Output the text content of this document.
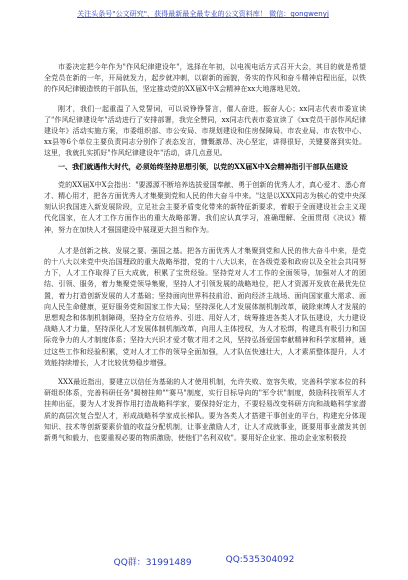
关注头条号"公文研究"，获得最新最全最专业的公文资料库！ 微信：gongwenyj

市委决定把今年作为"作风纪律建设年"，选择在年初，以电视电话方式召开大会，其目的就是希望全党员在新的一年，开局就发力，起步就冲刺，以崭新的面貌，务实的作风和奋斗精神启程出征，以铁的作风纪律锻造铁的干部队伍，坚定推动党的XX届X中X会精神在xx大地落地见效。

刚才，我们一起重温了入党誓词，可以说铮铮誓言，催人奋进，振奋人心；xx同志代表市委宣读了"作风纪律建设年"活动进行了安排部署，我完全赞同，xx同志代表市委宣读了《xx党员干部作风纪律建设年》活动实施方案，市委组织部、市公安局、市规划建设和住房保障局、市农业局、市农牧中心、xx县等6个单位主要负责同志分别作了表态发言，慷慨激昂、决心坚定，讲得很好，关键要落到实处。这里，我就扎实抓好"作风纪律建设年"活动，讲几点意见。

一、我们就遇伟大时代，必须始终坚持思想引领，以党的XX届X中X会精神指引干部队伍建设

党的XX届X中X会指出："要源源不断培养选拔爱国奉献、勇于创新的优秀人才，真心爱才、悉心育才、精心用才，把各方面优秀人才集聚到党和人民的伟大奋斗中来。"这是以XXX同志为核心的党中央深刻认识我国进入新发展阶段，立足社会主要矛盾变化带来的新特征新要求，着眼于全面建设社会主义现代化国家，在人才工作方面作出的重大战略部署。我们应认真学习，准确理解、全面贯彻《决议》精神，努力在加快人才强国建设中展现更大担当和作为。

人才是创新之核、发展之要、强国之基。把各方面优秀人才集聚到党和人民的伟大奋斗中来，是党的十八大以来党中央治国理政的重大战略举措，党的十八大以来，在各级党委和政府以及全社会共同努力下，人才工作取得了巨大成就，积累了宝贵经验。坚持党对人才工作的全面领导，加强对人才的团结、引领、服务，着力集聚党领导集聚，坚持人才引领发展的战略地位，把人才资源开发放在最优先位置，着力打造创新发展的人才基础；坚持面向世界科技前沿、面向经济主战场、面向国家重大需求、面向人民生命健康，更好服务党和国家工作大局；坚持深化人才发展体制机制改革，破除束缚人才发展的思想观念和体制机制障碍，坚持全方位培养、引进、用好人才，统筹推进各类人才队伍建设，大力建设战略人才力量，坚持深化人才发展体制机制改革，向用人主体授权，为人才松绑，构建具有吸引力和国际竞争力的人才制度体系；坚持大兴识才爱才敬才用才之风，坚持弘扬爱国奉献精神和科学家精神，通过这些工作和经验积累，党对人才工作的领导全面加强，人才队伍快速壮大，人才素质整体提升，人才效能持续增长，人才比较优势稳步增强。

XXX最近指出，要建立以信任为基础的人才使用机制，允许失败、宽容失败，完善科学家本位的科研组织体系，完善科研任务"揭榜挂帅""赛马"制度，实行目标导向的"军令状"制度，鼓励科技领军人才挂帅出征，要为人才发挥作用打造战略科学家，要保持好定力，不要轻易改变科研方向和战略科学家潜质的高层次复合型人才，形成战略科学家成长梯队。要为各类人才搭建干事创业的平台，构建充分体现知识、技术等创新要素价值的收益分配机制，让事业激励人才，让人才成就事业，既要用事业激发其创新勇气和毅力，也要重视必要的物质激励，使他们"名利双收"。要用好企业家、推动企业家积极投

QQ群：31991489	QQ:535304092
